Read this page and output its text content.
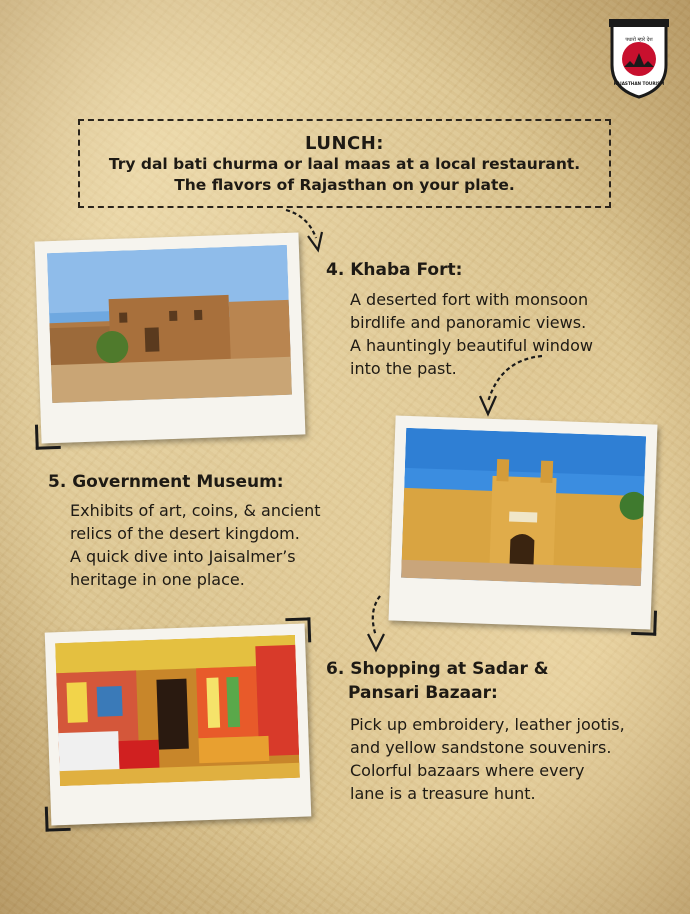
पधारो म्हारे देश
RAJASTHAN TOURISM
LUNCH:
Try dal bati churma or laal maas at a local restaurant.
The flavors of Rajasthan on your plate.
4. Khaba Fort:
A deserted fort with monsoon
birdlife and panoramic views.
A hauntingly beautiful window
into the past.
5. Government Museum:
Exhibits of art, coins, & ancient
relics of the desert kingdom.
A quick dive into Jaisalmer’s
heritage in one place.
6. Shopping at Sadar &
Pansari Bazaar:
Pick up embroidery, leather jootis,
and yellow sandstone souvenirs.
Colorful bazaars where every
lane is a treasure hunt.
